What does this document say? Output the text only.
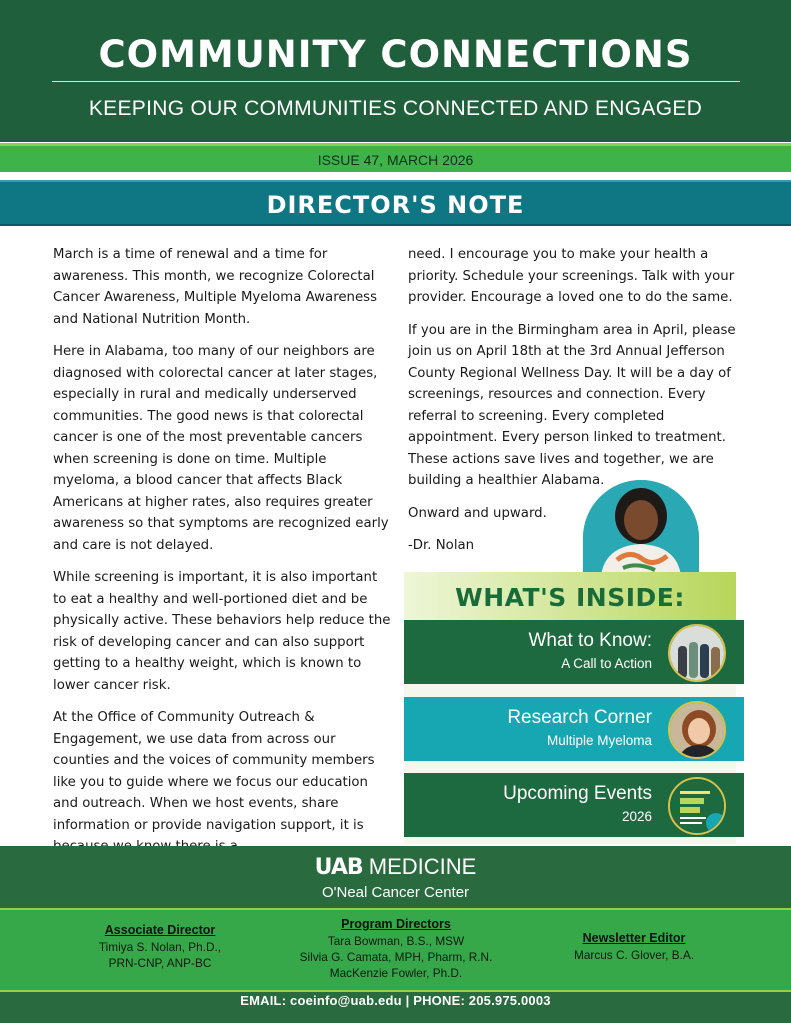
COMMUNITY CONNECTIONS
KEEPING OUR COMMUNITIES CONNECTED AND ENGAGED
ISSUE 47, MARCH 2026
DIRECTOR'S NOTE

March is a time of renewal and a time for awareness. This month, we recognize Colorectal Cancer Awareness, Multiple Myeloma Awareness and National Nutrition Month.

Here in Alabama, too many of our neighbors are diagnosed with colorectal cancer at later stages, especially in rural and medically underserved communities. The good news is that colorectal cancer is one of the most preventable cancers when screening is done on time. Multiple myeloma, a blood cancer that affects Black Americans at higher rates, also requires greater awareness so that symptoms are recognized early and care is not delayed.

While screening is important, it is also important to eat a healthy and well-portioned diet and be physically active. These behaviors help reduce the risk of developing cancer and can also support getting to a healthy weight, which is known to lower cancer risk.

At the Office of Community Outreach & Engagement, we use data from across our counties and the voices of community members like you to guide where we focus our education and outreach. When we host events, share information or provide navigation support, it is

need. I encourage you to make your health a priority. Schedule your screenings. Talk with your provider. Encourage a loved one to do the same.

If you are in the Birmingham area in April, please join us on April 18th at the 3rd Annual Jefferson County Regional Wellness Day. It will be a day of screenings, resources and connection. Every referral to screening. Every completed appointment. Every person linked to treatment. These actions save lives and together, we are building a healthier Alabama.

Onward and upward.

-Dr. Nolan

WHAT'S INSIDE:
What to Know:
A Call to Action
Research Corner
Multiple Myeloma
Upcoming Events
2026
UAB MEDICINE
O'Neal Cancer Center
Associate Director
Timiya S. Nolan, Ph.D.,
PRN-CNP, ANP-BC
Program Directors
Tara Bowman, B.S., MSW
Silvia G. Camata, MPH, Pharm, R.N.
MacKenzie Fowler, Ph.D.
Newsletter Editor
Marcus C. Glover, B.A.
EMAIL: coeinfo@uab.edu | PHONE: 205.975.0003
